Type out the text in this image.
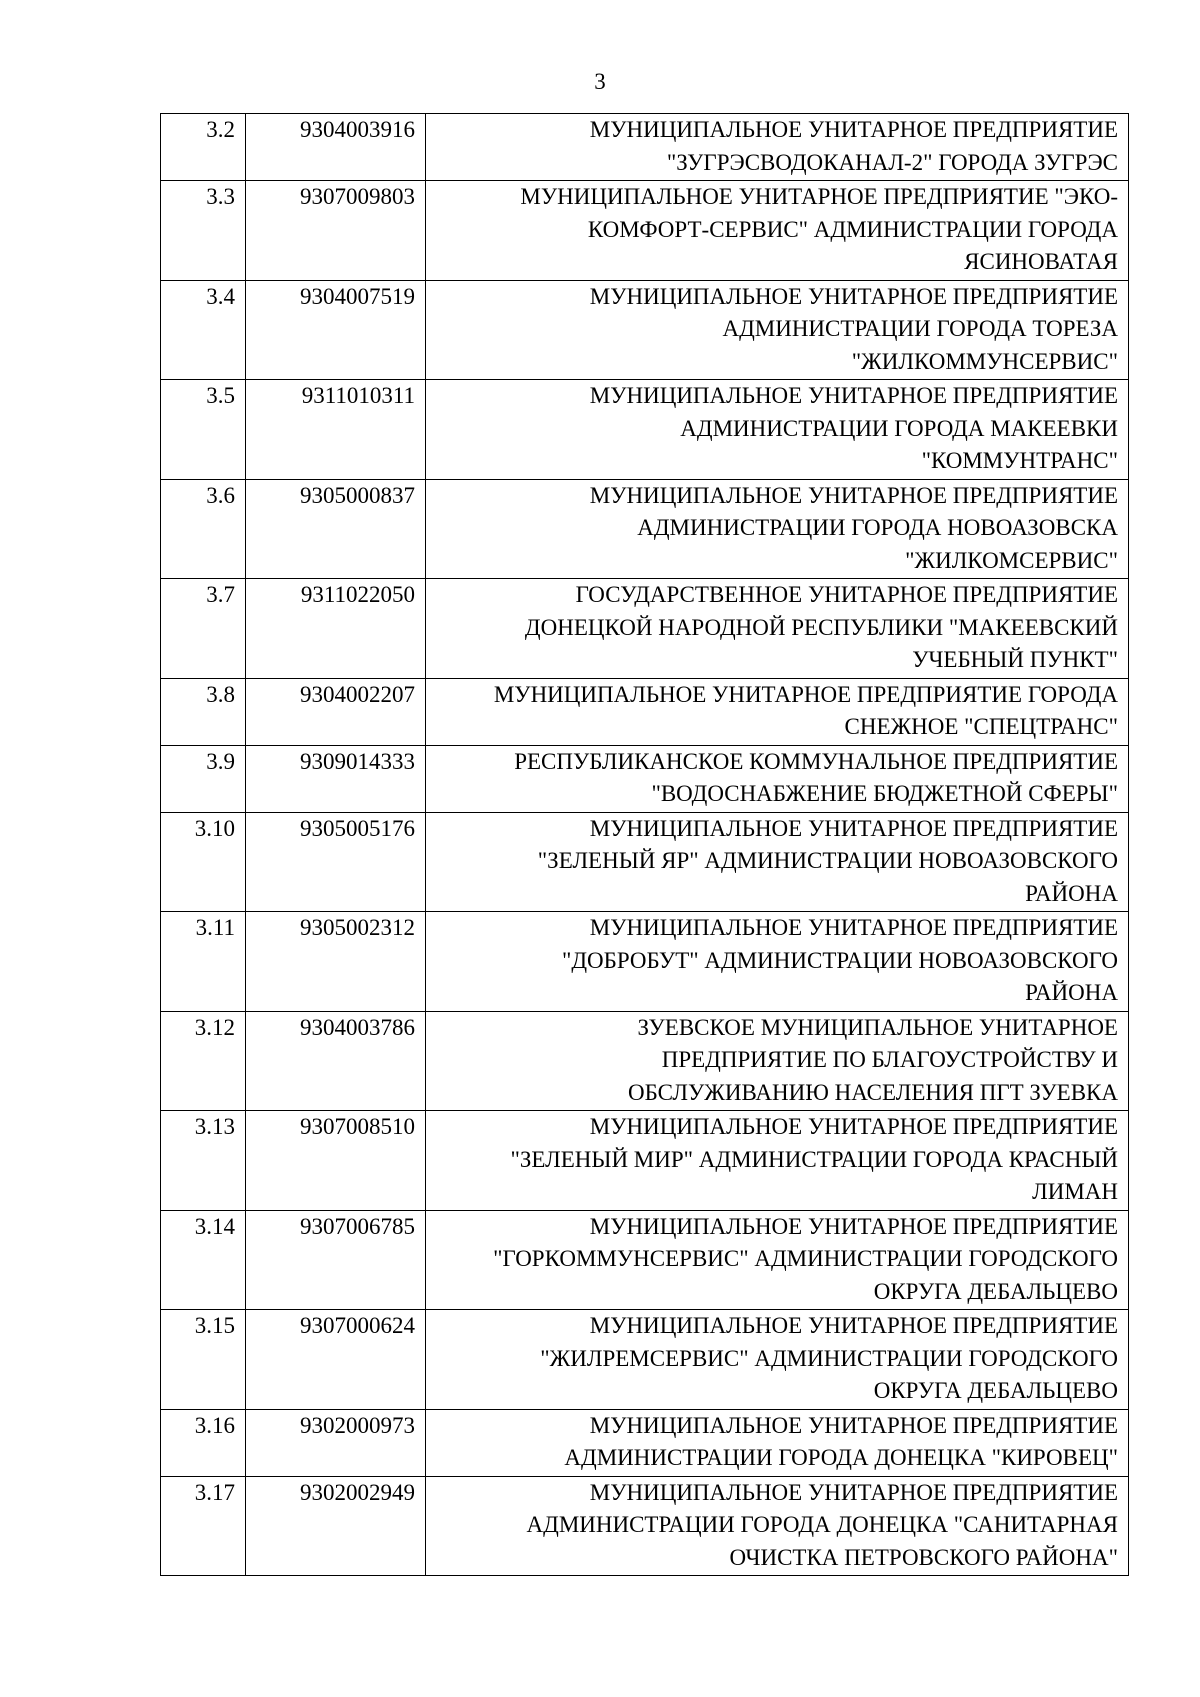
3
3.2	9304003916	МУНИЦИПАЛЬНОЕ УНИТАРНОЕ ПРЕДПРИЯТИЕ
"ЗУГРЭСВОДОКАНАЛ-2" ГОРОДА ЗУГРЭС

3.3	9307009803	МУНИЦИПАЛЬНОЕ УНИТАРНОЕ ПРЕДПРИЯТИЕ "ЭКО-
КОМФОРТ-СЕРВИС" АДМИНИСТРАЦИИ ГОРОДА
ЯСИНОВАТАЯ

3.4	9304007519	МУНИЦИПАЛЬНОЕ УНИТАРНОЕ ПРЕДПРИЯТИЕ
АДМИНИСТРАЦИИ ГОРОДА ТОРЕЗА
"ЖИЛКОММУНСЕРВИС"

3.5	9311010311	МУНИЦИПАЛЬНОЕ УНИТАРНОЕ ПРЕДПРИЯТИЕ
АДМИНИСТРАЦИИ ГОРОДА МАКЕЕВКИ
"КОММУНТРАНС"

3.6	9305000837	МУНИЦИПАЛЬНОЕ УНИТАРНОЕ ПРЕДПРИЯТИЕ
АДМИНИСТРАЦИИ ГОРОДА НОВОАЗОВСКА
"ЖИЛКОМСЕРВИС"

3.7	9311022050	ГОСУДАРСТВЕННОЕ УНИТАРНОЕ ПРЕДПРИЯТИЕ
ДОНЕЦКОЙ НАРОДНОЙ РЕСПУБЛИКИ "МАКЕЕВСКИЙ
УЧЕБНЫЙ ПУНКТ"

3.8	9304002207	МУНИЦИПАЛЬНОЕ УНИТАРНОЕ ПРЕДПРИЯТИЕ ГОРОДА
СНЕЖНОЕ "СПЕЦТРАНС"

3.9	9309014333	РЕСПУБЛИКАНСКОЕ КОММУНАЛЬНОЕ ПРЕДПРИЯТИЕ
"ВОДОСНАБЖЕНИЕ БЮДЖЕТНОЙ СФЕРЫ"

3.10	9305005176	МУНИЦИПАЛЬНОЕ УНИТАРНОЕ ПРЕДПРИЯТИЕ
"ЗЕЛЕНЫЙ ЯР" АДМИНИСТРАЦИИ НОВОАЗОВСКОГО
РАЙОНА

3.11	9305002312	МУНИЦИПАЛЬНОЕ УНИТАРНОЕ ПРЕДПРИЯТИЕ
"ДОБРОБУТ" АДМИНИСТРАЦИИ НОВОАЗОВСКОГО
РАЙОНА

3.12	9304003786	ЗУЕВСКОЕ МУНИЦИПАЛЬНОЕ УНИТАРНОЕ
ПРЕДПРИЯТИЕ ПО БЛАГОУСТРОЙСТВУ И
ОБСЛУЖИВАНИЮ НАСЕЛЕНИЯ ПГТ ЗУЕВКА

3.13	9307008510	МУНИЦИПАЛЬНОЕ УНИТАРНОЕ ПРЕДПРИЯТИЕ
"ЗЕЛЕНЫЙ МИР" АДМИНИСТРАЦИИ ГОРОДА КРАСНЫЙ
ЛИМАН

3.14	9307006785	МУНИЦИПАЛЬНОЕ УНИТАРНОЕ ПРЕДПРИЯТИЕ
"ГОРКОММУНСЕРВИС" АДМИНИСТРАЦИИ ГОРОДСКОГО
ОКРУГА ДЕБАЛЬЦЕВО

3.15	9307000624	МУНИЦИПАЛЬНОЕ УНИТАРНОЕ ПРЕДПРИЯТИЕ
"ЖИЛРЕМСЕРВИС" АДМИНИСТРАЦИИ ГОРОДСКОГО
ОКРУГА ДЕБАЛЬЦЕВО

3.16	9302000973	МУНИЦИПАЛЬНОЕ УНИТАРНОЕ ПРЕДПРИЯТИЕ
АДМИНИСТРАЦИИ ГОРОДА ДОНЕЦКА "КИРОВЕЦ"

3.17	9302002949	МУНИЦИПАЛЬНОЕ УНИТАРНОЕ ПРЕДПРИЯТИЕ
АДМИНИСТРАЦИИ ГОРОДА ДОНЕЦКА "САНИТАРНАЯ
ОЧИСТКА ПЕТРОВСКОГО РАЙОНА"
